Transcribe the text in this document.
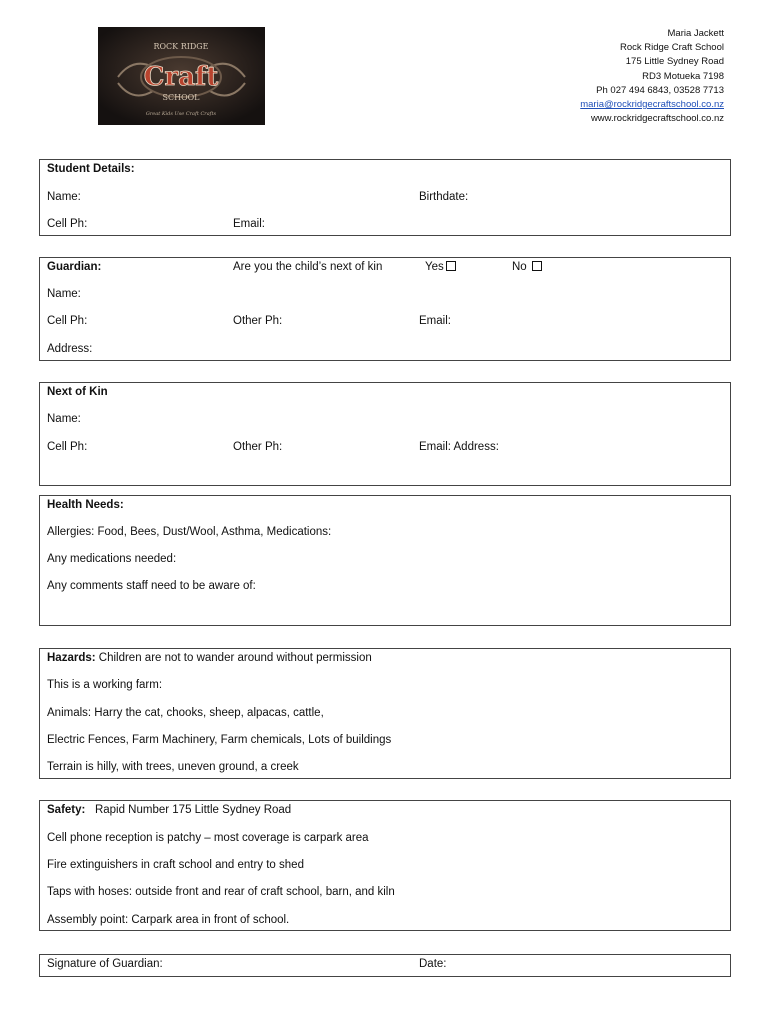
ROCK RIDGE
Craft
SCHOOL
Great Kids Use Craft Crafts
Maria Jackett
Rock Ridge Craft School
175 Little Sydney Road
RD3 Motueka 7198
Ph 027 494 6843, 03528 7713
maria@rockridgecraftschool.co.nz
www.rockridgecraftschool.co.nz
Student Details:
Name:	Birthdate:
Cell Ph:	Email:
Guardian:	Are you the child’s next of kin	Yes	No
Name:
Cell Ph:	Other Ph:	Email:
Address:
Next of Kin
Name:
Cell Ph:	Other Ph:	Email: Address:
Health Needs:
Allergies: Food, Bees, Dust/Wool, Asthma, Medications:
Any medications needed:
Any comments staff need to be aware of:
Hazards: Children are not to wander around without permission
This is a working farm:
Animals: Harry the cat, chooks, sheep, alpacas, cattle,
Electric Fences, Farm Machinery, Farm chemicals, Lots of buildings
Terrain is hilly, with trees, uneven ground, a creek
Safety:   Rapid Number 175 Little Sydney Road
Cell phone reception is patchy – most coverage is carpark area
Fire extinguishers in craft school and entry to shed
Taps with hoses: outside front and rear of craft school, barn, and kiln
Assembly point: Carpark area in front of school.
Signature of Guardian:	Date:
